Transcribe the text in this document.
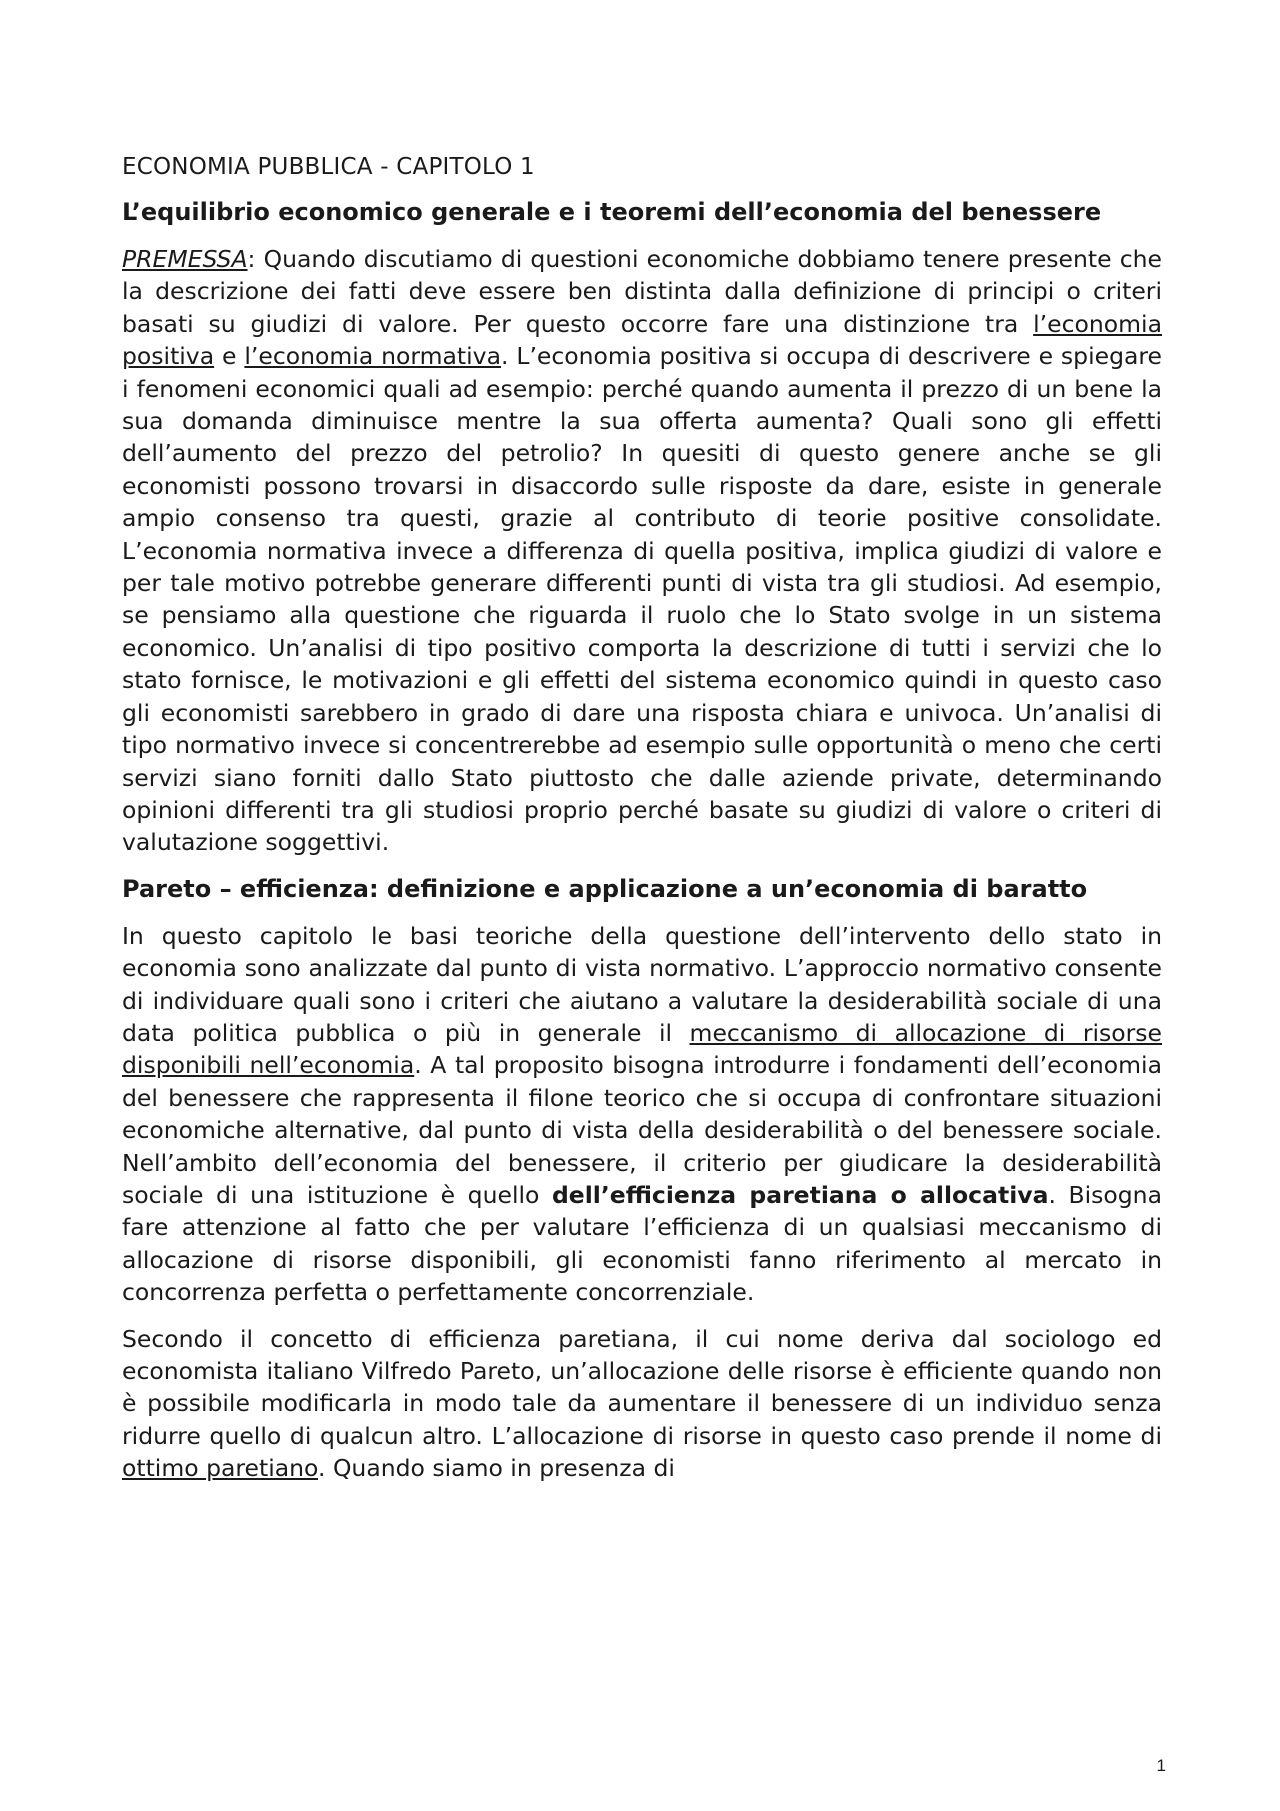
ECONOMIA PUBBLICA - CAPITOLO 1
L’equilibrio economico generale e i teoremi dell’economia del benessere

PREMESSA: Quando discutiamo di questioni economiche dobbiamo tenere presente che la descrizione dei fatti deve essere ben distinta dalla definizione di principi o criteri basati su giudizi di valore. Per questo occorre fare una distinzione tra l’economia positiva e l’economia normativa. L’economia positiva si occupa di descrivere e spiegare i fenomeni economici quali ad esempio: perché quando aumenta il prezzo di un bene la sua domanda diminuisce mentre la sua offerta aumenta? Quali sono gli effetti dell’aumento del prezzo del petrolio? In quesiti di questo genere anche se gli economisti possono trovarsi in disaccordo sulle risposte da dare, esiste in generale ampio consenso tra questi, grazie al contributo di teorie positive consolidate. L’economia normativa invece a differenza di quella positiva, implica giudizi di valore e per tale motivo potrebbe generare differenti punti di vista tra gli studiosi. Ad esempio, se pensiamo alla questione che riguarda il ruolo che lo Stato svolge in un sistema economico. Un’analisi di tipo positivo comporta la descrizione di tutti i servizi che lo stato fornisce, le motivazioni e gli effetti del sistema economico quindi in questo caso gli economisti sarebbero in grado di dare una risposta chiara e univoca. Un’analisi di tipo normativo invece si concentrerebbe ad esempio sulle opportunità o meno che certi servizi siano forniti dallo Stato piuttosto che dalle aziende private, determinando opinioni differenti tra gli studiosi proprio perché basate su giudizi di valore o criteri di valutazione soggettivi.

Pareto – efficienza: definizione e applicazione a un’economia di baratto

In questo capitolo le basi teoriche della questione dell’intervento dello stato in economia sono analizzate dal punto di vista normativo. L’approccio normativo consente di individuare quali sono i criteri che aiutano a valutare la desiderabilità sociale di una data politica pubblica o più in generale il meccanismo di allocazione di risorse disponibili nell’economia. A tal proposito bisogna introdurre i fondamenti dell’economia del benessere che rappresenta il filone teorico che si occupa di confrontare situazioni economiche alternative, dal punto di vista della desiderabilità o del benessere sociale. Nell’ambito dell’economia del benessere, il criterio per giudicare la desiderabilità sociale di una istituzione è quello dell’efficienza paretiana o allocativa. Bisogna fare attenzione al fatto che per valutare l’efficienza di un qualsiasi meccanismo di allocazione di risorse disponibili, gli economisti fanno riferimento al mercato in concorrenza perfetta o perfettamente concorrenziale.

Secondo il concetto di efficienza paretiana, il cui nome deriva dal sociologo ed economista italiano Vilfredo Pareto, un’allocazione delle risorse è efficiente quando non è possibile modificarla in modo tale da aumentare il benessere di un individuo senza ridurre quello di qualcun altro. L’allocazione di risorse in questo caso prende il nome di ottimo paretiano. Quando siamo in presenza di

1
